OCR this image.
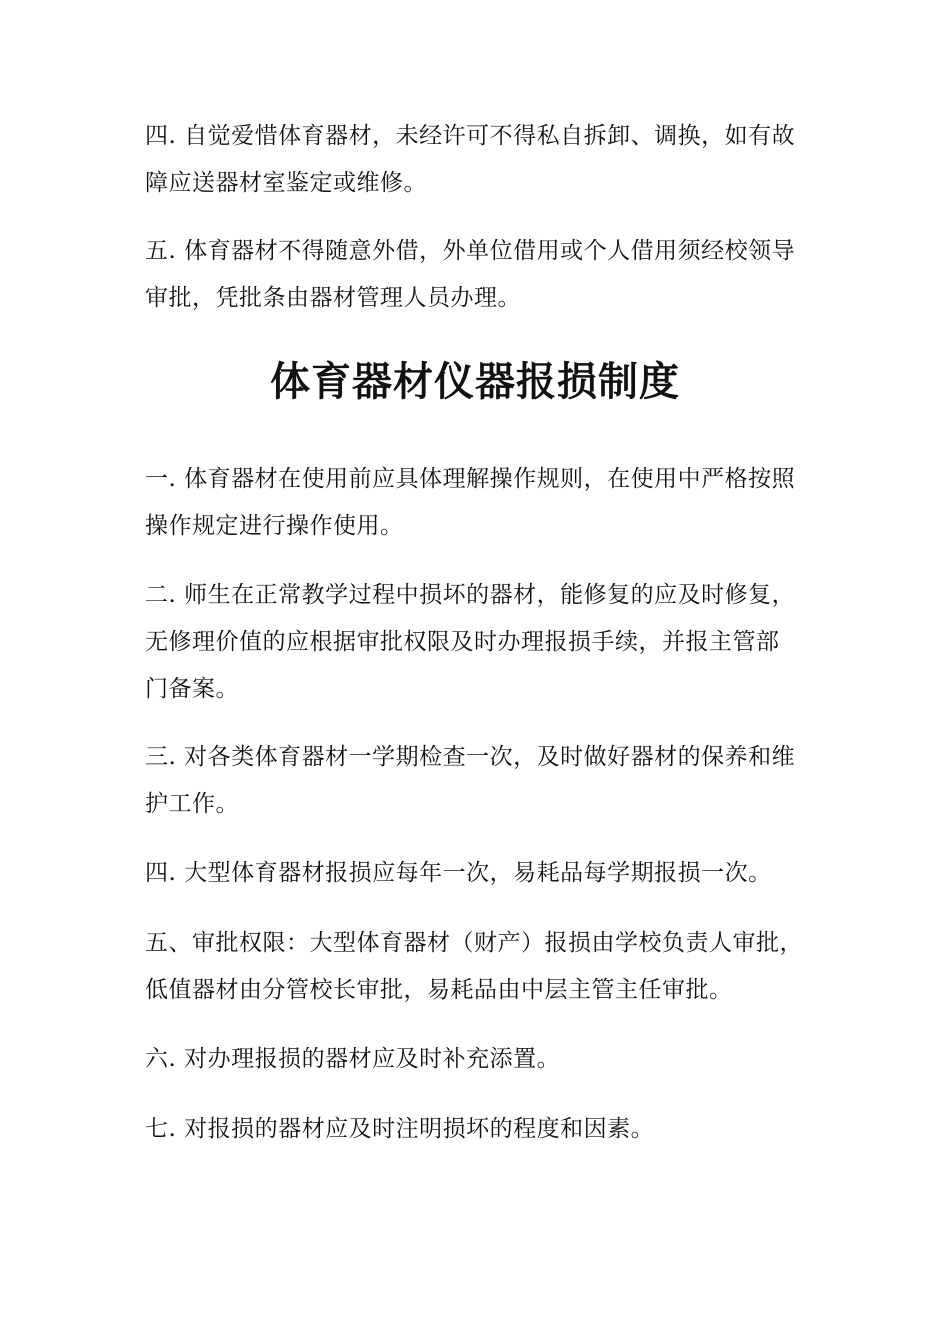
四. 自觉爱惜体育器材，未经许可不得私自拆卸、调换，如有故
障应送器材室鉴定或维修。
五. 体育器材不得随意外借，外单位借用或个人借用须经校领导
审批，凭批条由器材管理人员办理。
体育器材仪器报损制度
一. 体育器材在使用前应具体理解操作规则，在使用中严格按照
操作规定进行操作使用。
二. 师生在正常教学过程中损坏的器材，能修复的应及时修复，
无修理价值的应根据审批权限及时办理报损手续，并报主管部
门备案。
三. 对各类体育器材一学期检查一次，及时做好器材的保养和维
护工作。
四. 大型体育器材报损应每年一次，易耗品每学期报损一次。
五、审批权限：大型体育器材（财产）报损由学校负责人审批，
低值器材由分管校长审批，易耗品由中层主管主任审批。
六. 对办理报损的器材应及时补充添置。
七. 对报损的器材应及时注明损坏的程度和因素。
